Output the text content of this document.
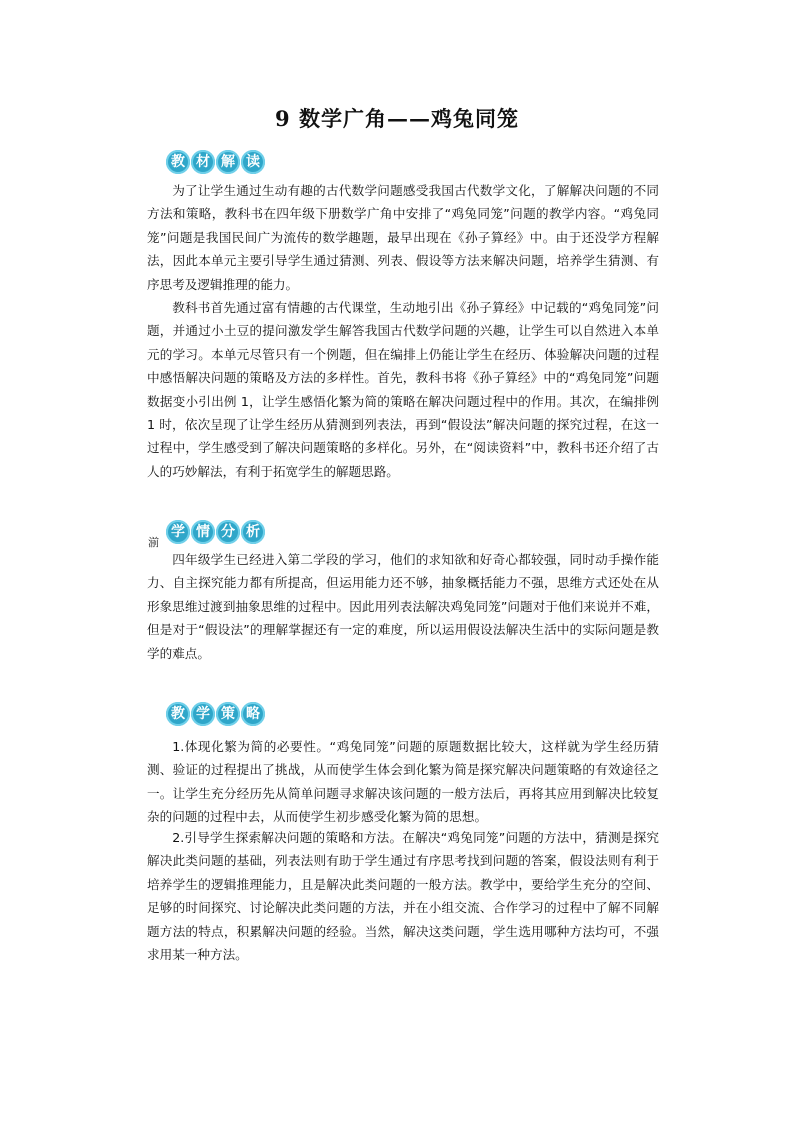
9 数学广角——鸡兔同笼
教 材 解 读
为了让学生通过生动有趣的古代数学问题感受我国古代数学文化，了解解决问题的不同方法和策略，教科书在四年级下册数学广角中安排了“鸡兔同笼”问题的教学内容。“鸡兔同笼”问题是我国民间广为流传的数学趣题，最早出现在《孙子算经》中。由于还没学方程解法，因此本单元主要引导学生通过猜测、列表、假设等方法来解决问题，培养学生猜测、有序思考及逻辑推理的能力。
教科书首先通过富有情趣的古代课堂，生动地引出《孙子算经》中记载的“鸡兔同笼”问题，并通过小土豆的提问激发学生解答我国古代数学问题的兴趣，让学生可以自然进入本单元的学习。本单元尽管只有一个例题，但在编排上仍能让学生在经历、体验解决问题的过程中感悟解决问题的策略及方法的多样性。首先，教科书将《孙子算经》中的“鸡兔同笼”问题数据变小引出例 1，让学生感悟化繁为简的策略在解决问题过程中的作用。其次，在编排例 1 时，依次呈现了让学生经历从猜测到列表法，再到“假设法”解决问题的探究过程，在这一过程中，学生感受到了解决问题策略的多样化。另外，在“阅读资料”中，教科书还介绍了古人的巧妙解法，有利于拓宽学生的解题思路。
湔
学 情 分 析
四年级学生已经进入第二学段的学习，他们的求知欲和好奇心都较强，同时动手操作能力、自主探究能力都有所提高，但运用能力还不够，抽象概括能力不强，思维方式还处在从形象思维过渡到抽象思维的过程中。因此用列表法解决鸡兔同笼”问题对于他们来说并不难，但是对于“假设法”的理解掌握还有一定的难度，所以运用假设法解决生活中的实际问题是教学的难点。
教 学 策 略
1.体现化繁为简的必要性。“鸡兔同笼”问题的原题数据比较大，这样就为学生经历猜测、验证的过程提出了挑战，从而使学生体会到化繁为简是探究解决问题策略的有效途径之一。让学生充分经历先从简单问题寻求解决该问题的一般方法后，再将其应用到解决比较复杂的问题的过程中去，从而使学生初步感受化繁为简的思想。
2.引导学生探索解决问题的策略和方法。在解决“鸡兔同笼”问题的方法中，猜测是探究解决此类问题的基础，列表法则有助于学生通过有序思考找到问题的答案，假设法则有利于培养学生的逻辑推理能力，且是解决此类问题的一般方法。教学中，要给学生充分的空间、足够的时间探究、讨论解决此类问题的方法，并在小组交流、合作学习的过程中了解不同解题方法的特点，积累解决问题的经验。当然，解决这类问题，学生选用哪种方法均可，不强求用某一种方法。
